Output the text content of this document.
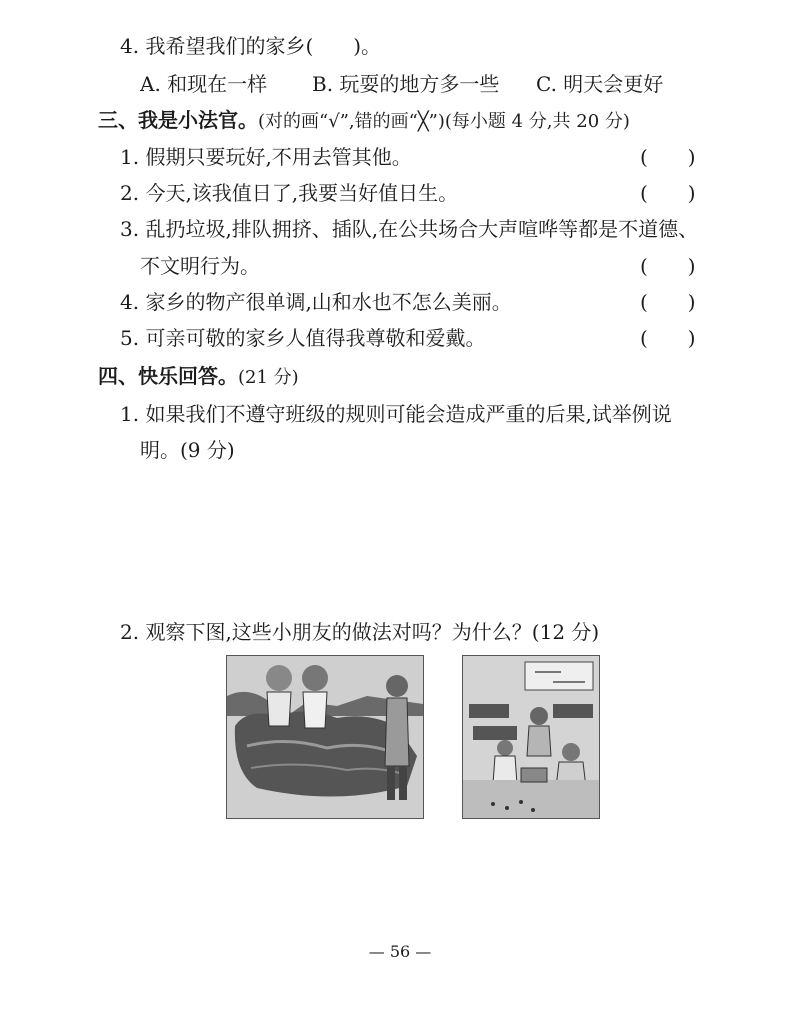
4. 我希望我们的家乡(　　)。
A. 和现在一样 B. 玩耍的地方多一些 C. 明天会更好
三、我是小法官。(对的画“√”,错的画“╳”)(每小题 4 分,共 20 分)
1. 假期只要玩好,不用去管其他。	(　　)
2. 今天,该我值日了,我要当好值日生。	(　　)
3. 乱扔垃圾,排队拥挤、插队,在公共场合大声喧哗等都是不道德、
不文明行为。	(　　)
4. 家乡的物产很单调,山和水也不怎么美丽。	(　　)
5. 可亲可敬的家乡人值得我尊敬和爱戴。	(　　)
四、快乐回答。(21 分)
1. 如果我们不遵守班级的规则可能会造成严重的后果,试举例说
明。(9 分)
2. 观察下图,这些小朋友的做法对吗？为什么？(12 分)
— 56 —
